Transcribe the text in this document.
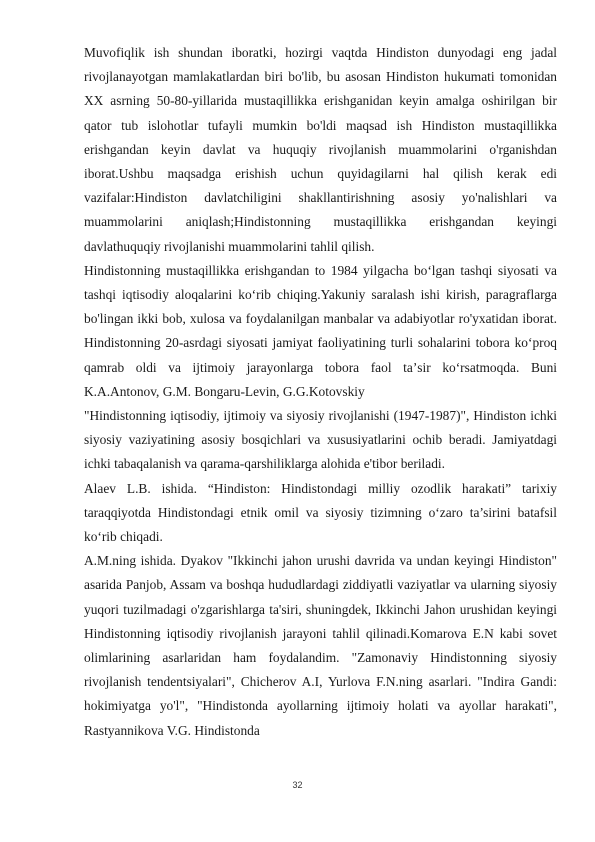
Muvofiqlik ish shundan iboratki, hozirgi vaqtda Hindiston dunyodagi eng jadal rivojlanayotgan mamlakatlardan biri bo'lib, bu asosan Hindiston hukumati tomonidan XX asrning 50-80-yillarida mustaqillikka erishganidan keyin amalga oshirilgan bir qator tub islohotlar tufayli mumkin bo'ldi maqsad ish Hindiston mustaqillikka erishgandan keyin davlat va huquqiy rivojlanish muammolarini o'rganishdan iborat.Ushbu maqsadga erishish uchun quyidagilarni hal qilish kerak edi vazifalar:Hindiston davlatchiligini shakllantirishning asosiy yo'nalishlari va muammolarini aniqlash;Hindistonning mustaqillikka erishgandan keyingi davlathuquqiy rivojlanishi muammolarini tahlil qilish.

Hindistonning mustaqillikka erishgandan to 1984 yilgacha bo‘lgan tashqi siyosati va tashqi iqtisodiy aloqalarini ko‘rib chiqing.Yakuniy saralash ishi kirish, paragraflarga bo'lingan ikki bob, xulosa va foydalanilgan manbalar va adabiyotlar ro'yxatidan iborat. Hindistonning 20-asrdagi siyosati jamiyat faoliyatining turli sohalarini tobora koʻproq qamrab oldi va ijtimoiy jarayonlarga tobora faol taʼsir koʻrsatmoqda. Buni K.A.Antonov, G.M. Bongaru-Levin, G.G.Kotovskiy

"Hindistonning iqtisodiy, ijtimoiy va siyosiy rivojlanishi (1947-1987)", Hindiston ichki siyosiy vaziyatining asosiy bosqichlari va xususiyatlarini ochib beradi. Jamiyatdagi ichki tabaqalanish va qarama-qarshiliklarga alohida e'tibor beriladi.

Alaev L.B. ishida. “Hindiston: Hindistondagi milliy ozodlik harakati” tarixiy taraqqiyotda Hindistondagi etnik omil va siyosiy tizimning o‘zaro ta’sirini batafsil ko‘rib chiqadi.

A.M.ning ishida. Dyakov "Ikkinchi jahon urushi davrida va undan keyingi Hindiston" asarida Panjob, Assam va boshqa hududlardagi ziddiyatli vaziyatlar va ularning siyosiy yuqori tuzilmadagi o'zgarishlarga ta'siri, shuningdek, Ikkinchi Jahon urushidan keyingi Hindistonning iqtisodiy rivojlanish jarayoni tahlil qilinadi.Komarova E.N kabi sovet olimlarining asarlaridan ham foydalandim. "Zamonaviy Hindistonning siyosiy rivojlanish tendentsiyalari", Chicherov A.I, Yurlova F.N.ning asarlari. "Indira Gandi: hokimiyatga yo'l", "Hindistonda ayollarning ijtimoiy holati va ayollar harakati", Rastyannikova V.G. Hindistonda

32
